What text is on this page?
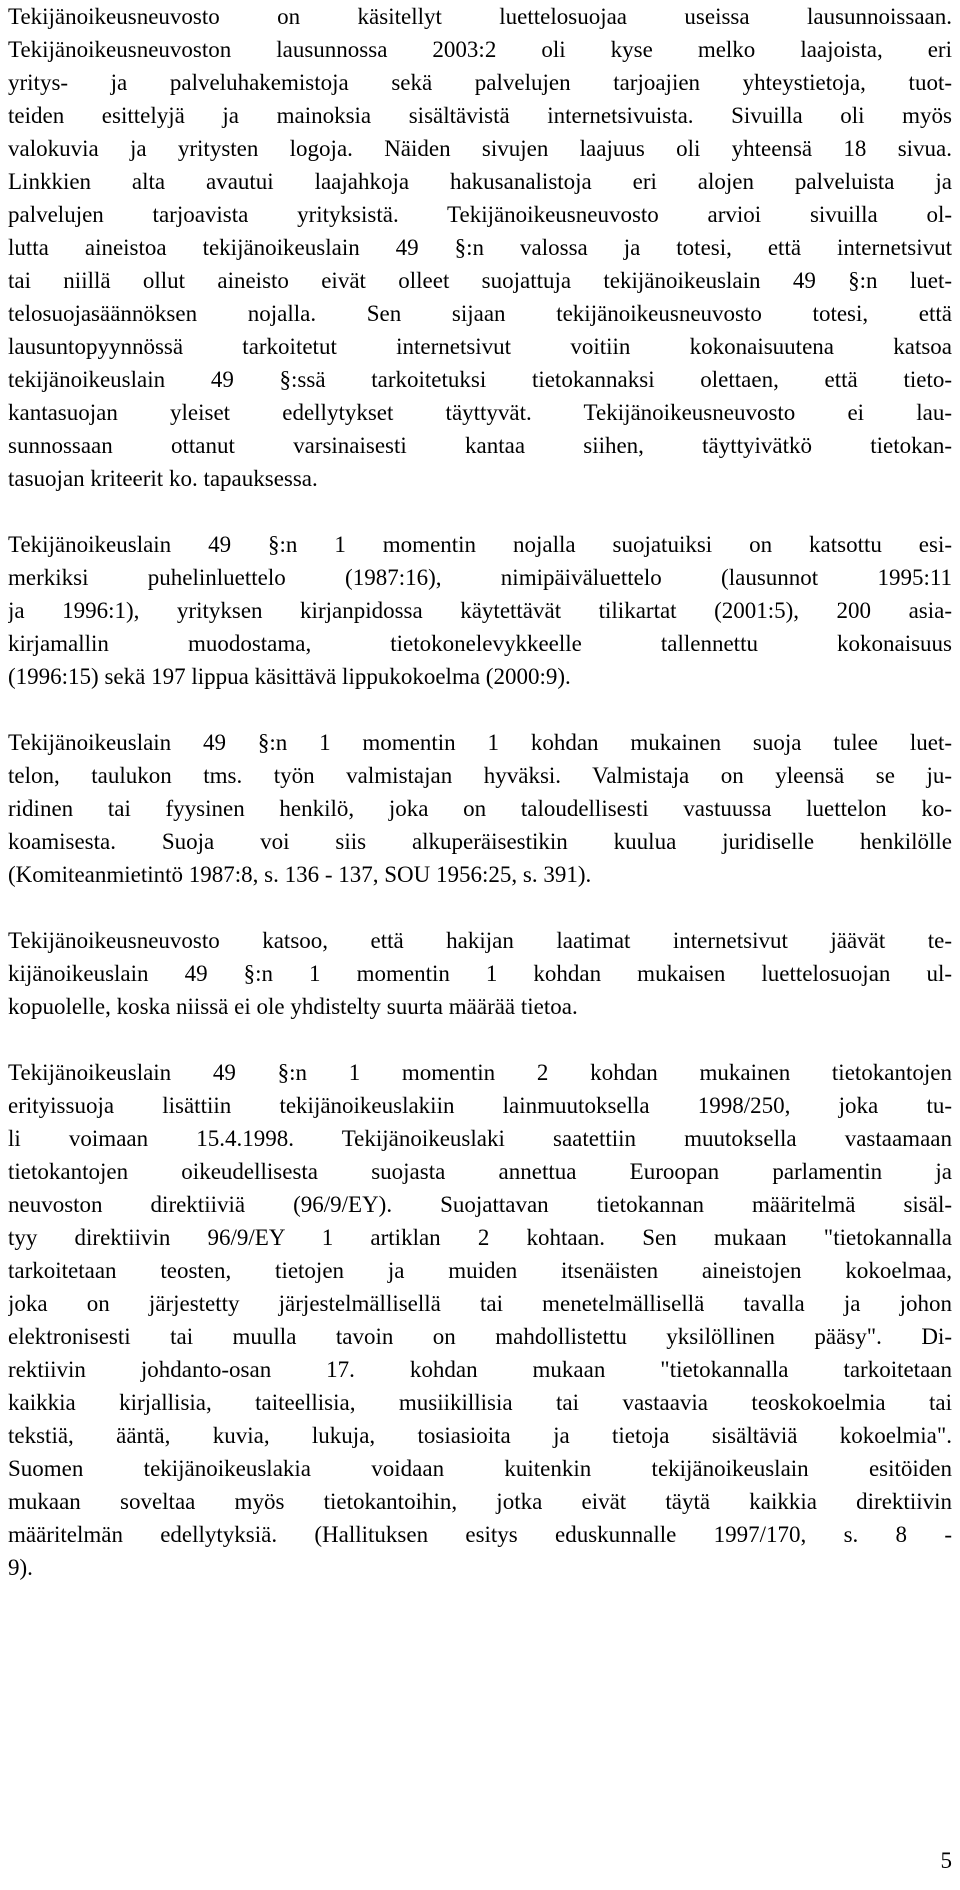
Tekijänoikeusneuvosto on käsitellyt luettelosuojaa useissa lausunnoissaan.
Tekijänoikeusneuvoston lausunnossa 2003:2 oli kyse melko laajoista, eri
yritys- ja palveluhakemistoja sekä palvelujen tarjoajien yhteystietoja, tuot-
teiden esittelyjä ja mainoksia sisältävistä internetsivuista. Sivuilla oli myös
valokuvia ja yritysten logoja. Näiden sivujen laajuus oli yhteensä 18 sivua.
Linkkien alta avautui laajahkoja hakusanalistoja eri alojen palveluista ja
palvelujen tarjoavista yrityksistä. Tekijänoikeusneuvosto arvioi sivuilla ol-
lutta aineistoa tekijänoikeuslain 49 §:n valossa ja totesi, että internetsivut
tai niillä ollut aineisto eivät olleet suojattuja tekijänoikeuslain 49 §:n luet-
telosuojasäännöksen nojalla. Sen sijaan tekijänoikeusneuvosto totesi, että
lausuntopyynnössä tarkoitetut internetsivut voitiin kokonaisuutena katsoa
tekijänoikeuslain 49 §:ssä tarkoitetuksi tietokannaksi olettaen, että tieto-
kantasuojan yleiset edellytykset täyttyvät. Tekijänoikeusneuvosto ei lau-
sunnossaan ottanut varsinaisesti kantaa siihen, täyttyivätkö tietokan-
tasuojan kriteerit ko. tapauksessa.

Tekijänoikeuslain 49 §:n 1 momentin nojalla suojatuiksi on katsottu esi-
merkiksi puhelinluettelo (1987:16), nimipäiväluettelo (lausunnot 1995:11
ja 1996:1), yrityksen kirjanpidossa käytettävät tilikartat (2001:5), 200 asia-
kirjamallin muodostama, tietokonelevykkeelle tallennettu kokonaisuus
(1996:15) sekä 197 lippua käsittävä lippukokoelma (2000:9).

Tekijänoikeuslain 49 §:n 1 momentin 1 kohdan mukainen suoja tulee luet-
telon, taulukon tms. työn valmistajan hyväksi. Valmistaja on yleensä se ju-
ridinen tai fyysinen henkilö, joka on taloudellisesti vastuussa luettelon ko-
koamisesta. Suoja voi siis alkuperäisestikin kuulua juridiselle henkilölle
(Komiteanmietintö 1987:8, s. 136 - 137, SOU 1956:25, s. 391).

Tekijänoikeusneuvosto katsoo, että hakijan laatimat internetsivut jäävät te-
kijänoikeuslain 49 §:n 1 momentin 1 kohdan mukaisen luettelosuojan ul-
kopuolelle, koska niissä ei ole yhdistelty suurta määrää tietoa.

Tekijänoikeuslain 49 §:n 1 momentin 2 kohdan mukainen tietokantojen
erityissuoja lisättiin tekijänoikeuslakiin lainmuutoksella 1998/250, joka tu-
li voimaan 15.4.1998. Tekijänoikeuslaki saatettiin muutoksella vastaamaan
tietokantojen oikeudellisesta suojasta annettua Euroopan parlamentin ja
neuvoston direktiiviä (96/9/EY). Suojattavan tietokannan määritelmä sisäl-
tyy direktiivin 96/9/EY 1 artiklan 2 kohtaan. Sen mukaan "tietokannalla
tarkoitetaan teosten, tietojen ja muiden itsenäisten aineistojen kokoelmaa,
joka on järjestetty järjestelmällisellä tai menetelmällisellä tavalla ja johon
elektronisesti tai muulla tavoin on mahdollistettu yksilöllinen pääsy". Di-
rektiivin johdanto-osan 17. kohdan mukaan "tietokannalla tarkoitetaan
kaikkia kirjallisia, taiteellisia, musiikillisia tai vastaavia teoskokoelmia tai
tekstiä, ääntä, kuvia, lukuja, tosiasioita ja tietoja sisältäviä kokoelmia".
Suomen tekijänoikeuslakia voidaan kuitenkin tekijänoikeuslain esitöiden
mukaan soveltaa myös tietokantoihin, jotka eivät täytä kaikkia direktiivin
määritelmän edellytyksiä. (Hallituksen esitys eduskunnalle 1997/170, s. 8 -
9).

5
